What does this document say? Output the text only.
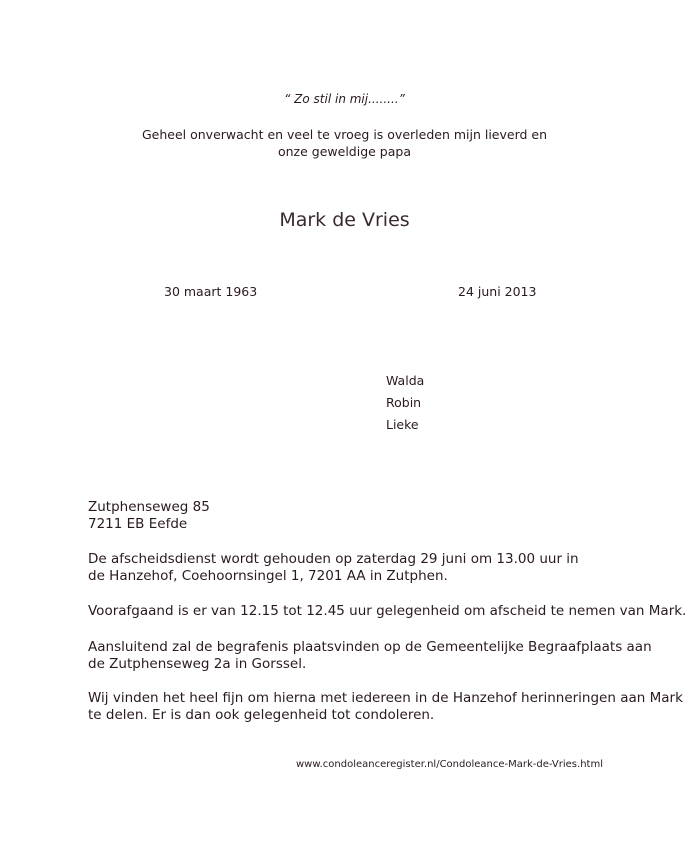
“ Zo stil in mij........”
Geheel onverwacht en veel te vroeg is overleden mijn lieverd en
onze geweldige papa
Mark de Vries
30 maart 1963	24 juni 2013
Walda
Robin
Lieke
Zutphenseweg 85
7211 EB Eefde
De afscheidsdienst wordt gehouden op zaterdag 29 juni om 13.00 uur in
de Hanzehof, Coehoornsingel 1, 7201 AA in Zutphen.
Voorafgaand is er van 12.15 tot 12.45 uur gelegenheid om afscheid te nemen van Mark.
Aansluitend zal de begrafenis plaatsvinden op de Gemeentelijke Begraafplaats aan
de Zutphenseweg 2a in Gorssel.
Wij vinden het heel fijn om hierna met iedereen in de Hanzehof herinneringen aan Mark
te delen. Er is dan ook gelegenheid tot condoleren.
www.condoleanceregister.nl/Condoleance-Mark-de-Vries.html
